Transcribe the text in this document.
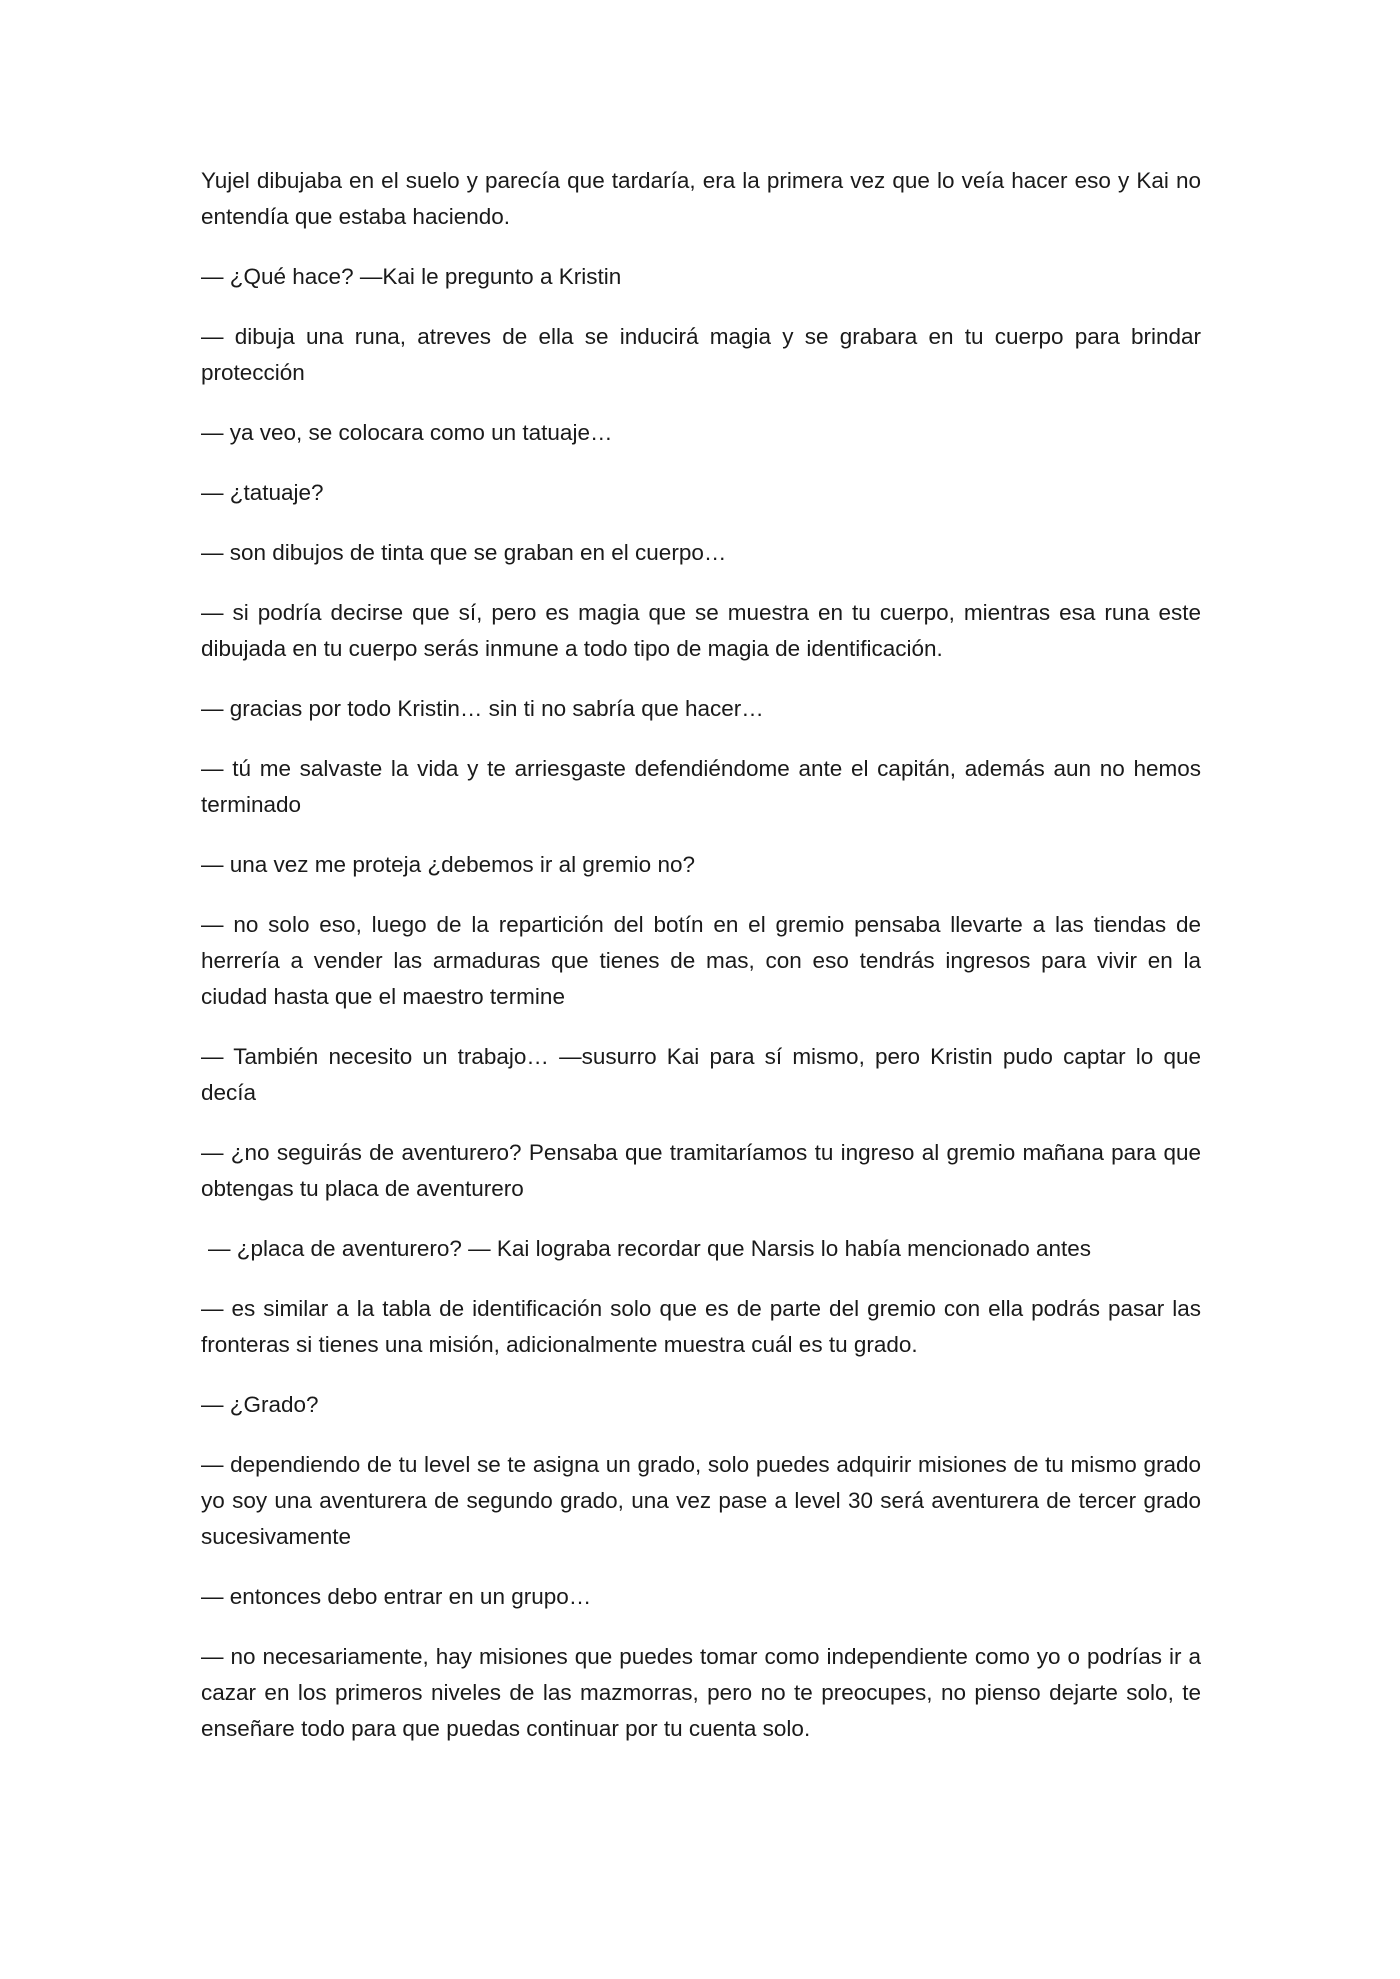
Yujel dibujaba en el suelo y parecía que tardaría, era la primera vez que lo veía hacer eso y Kai no entendía que estaba haciendo.

— ¿Qué hace? —Kai le pregunto a Kristin

— dibuja una runa, atreves de ella se inducirá magia y se grabara en tu cuerpo para brindar protección

— ya veo, se colocara como un tatuaje…

— ¿tatuaje?

— son dibujos de tinta que se graban en el cuerpo…

— si podría decirse que sí, pero es magia que se muestra en tu cuerpo, mientras esa runa este dibujada en tu cuerpo serás inmune a todo tipo de magia de identificación.

— gracias por todo Kristin… sin ti no sabría que hacer…

— tú me salvaste la vida y te arriesgaste defendiéndome ante el capitán, además aun no hemos terminado

— una vez me proteja ¿debemos ir al gremio no?

— no solo eso, luego de la repartición del botín en el gremio pensaba llevarte a las tiendas de herrería a vender las armaduras que tienes de mas, con eso tendrás ingresos para vivir en la ciudad hasta que el maestro termine

— También necesito un trabajo… —susurro Kai para sí mismo, pero Kristin pudo captar lo que decía

— ¿no seguirás de aventurero? Pensaba que tramitaríamos tu ingreso al gremio mañana para que obtengas tu placa de aventurero

— ¿placa de aventurero? — Kai lograba recordar que Narsis lo había mencionado antes

— es similar a la tabla de identificación solo que es de parte del gremio con ella podrás pasar las fronteras si tienes una misión, adicionalmente muestra cuál es tu grado.

— ¿Grado?

— dependiendo de tu level se te asigna un grado, solo puedes adquirir misiones de tu mismo grado yo soy una aventurera de segundo grado, una vez pase a level 30 será aventurera de tercer grado sucesivamente

— entonces debo entrar en un grupo…

— no necesariamente, hay misiones que puedes tomar como independiente como yo o podrías ir a cazar en los primeros niveles de las mazmorras, pero no te preocupes, no pienso dejarte solo, te enseñare todo para que puedas continuar por tu cuenta solo.
